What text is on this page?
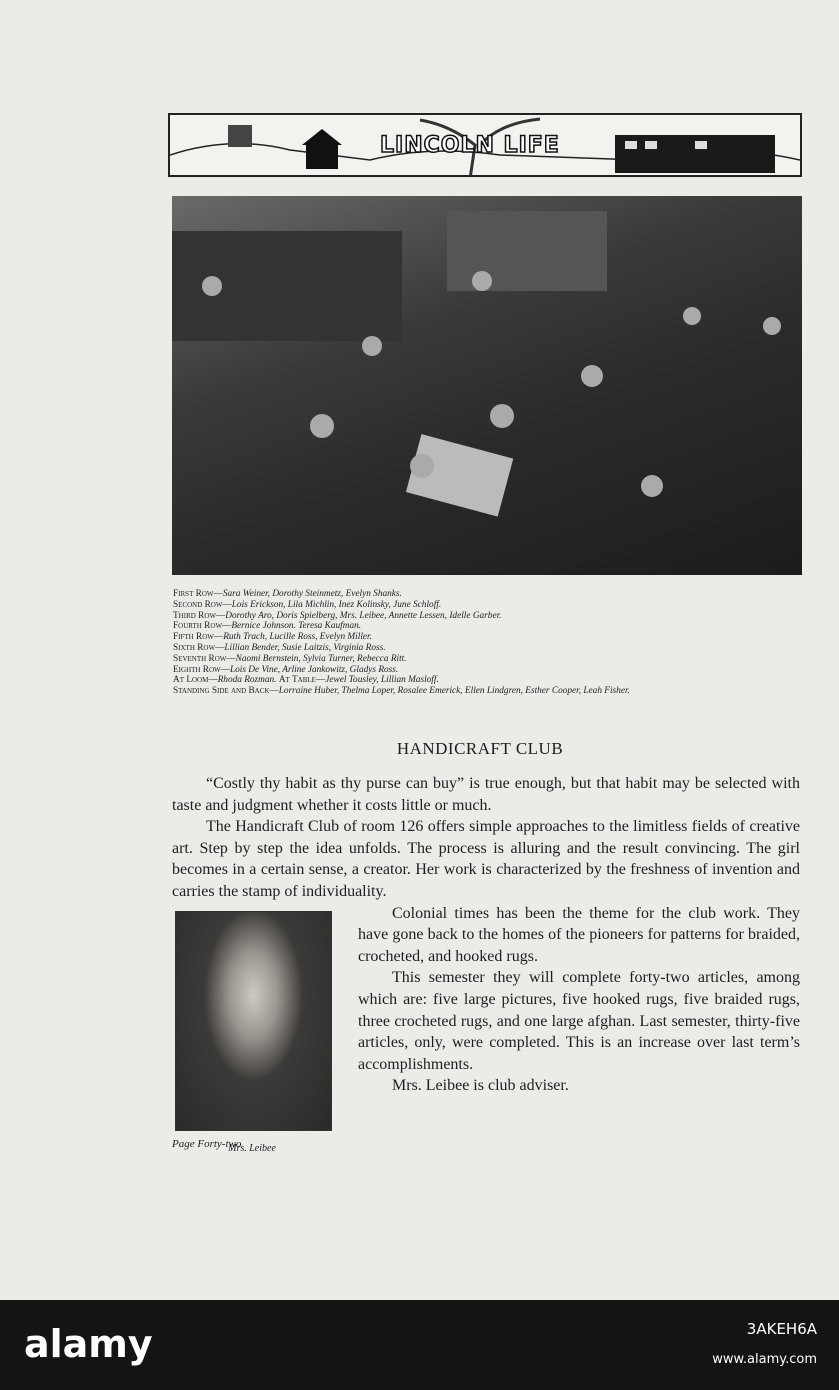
LINCOLN LIFE
First Row—Sara Weiner, Dorothy Steinmetz, Evelyn Shanks.
Second Row—Lois Erickson, Lila Michlin, Inez Kolinsky, June Schloff.
Third Row—Dorothy Aro, Doris Spielberg, Mrs. Leibee, Annette Lessen, Idelle Garber.
Fourth Row—Bernice Johnson. Teresa Kaufman.
Fifth Row—Ruth Trach, Lucille Ross, Evelyn Miller.
Sixth Row—Lillian Bender, Susie Laitzis, Virginia Ross.
Seventh Row—Naomi Bernstein, Sylvia Turner, Rebecca Ritt.
Eighth Row—Lois De Vine, Arline Jankowitz, Gladys Ross.
At Loom—Rhoda Rozman. At Table—Jewel Tousley, Lillian Masloff.
Standing Side and Back—Lorraine Huber, Thelma Loper, Rosalee Emerick, Ellen Lindgren, Esther Cooper, Leah Fisher.
HANDICRAFT CLUB

“Costly thy habit as thy purse can buy” is true enough, but that habit may be selected with taste and judgment whether it costs little or much.

Mrs. Leibee

The Handicraft Club of room 126 offers simple approaches to the limitless fields of creative art. Step by step the idea unfolds. The process is alluring and the result convincing. The girl becomes in a certain sense, a creator. Her work is characterized by the freshness of invention and carries the stamp of individuality.

Colonial times has been the theme for the club work. They have gone back to the homes of the pioneers for patterns for braided, crocheted, and hooked rugs.

This semester they will complete forty-two articles, among which are: five large pictures, five hooked rugs, five braided rugs, three crocheted rugs, and one large afghan. Last semester, thirty-five articles, only, were completed. This is an increase over last term’s accomplishments.

Mrs. Leibee is club adviser.

Page Forty-two
alamy	3AKEH6A
www.alamy.com
